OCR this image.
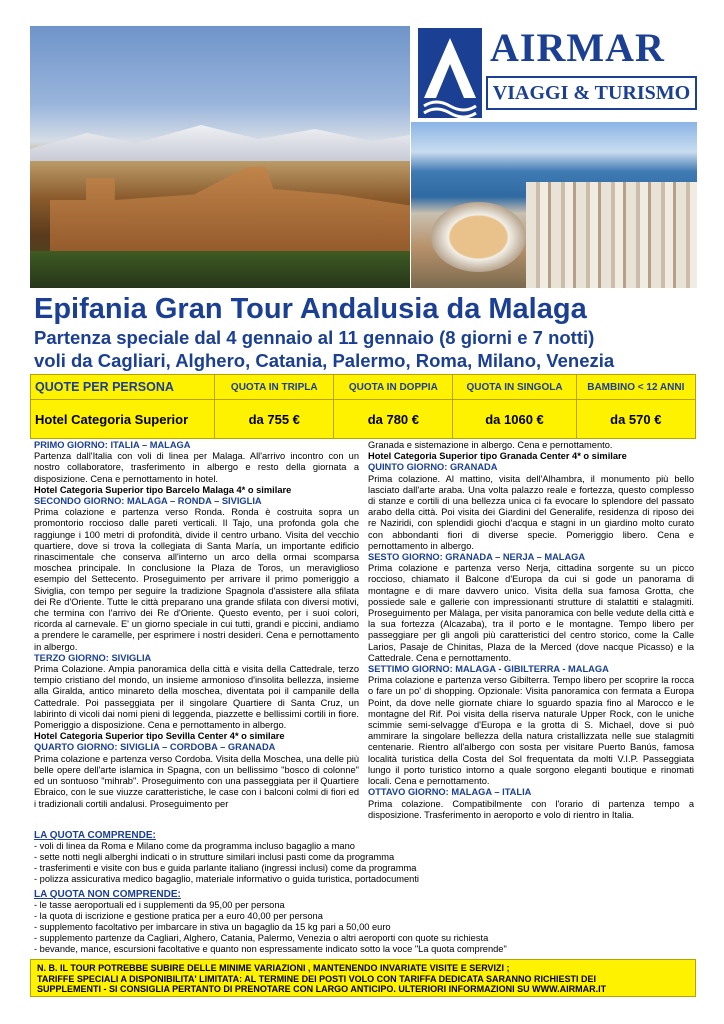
AIRMAR
VIAGGI & TURISMO
Epifania Gran Tour Andalusia da Malaga
Partenza speciale dal 4 gennaio al 11 gennaio (8 giorni e 7 notti)
voli da Cagliari, Alghero, Catania, Palermo, Roma, Milano, Venezia
QUOTE PER PERSONA	QUOTA IN TRIPLA	QUOTA IN DOPPIA	QUOTA IN SINGOLA	BAMBINO < 12 ANNI
Hotel Categoria Superior	da 755 €	da 780 €	da 1060 €	da 570 €

PRIMO GIORNO: ITALIA – MALAGA

Partenza dall'Italia con voli di linea per Malaga. All'arrivo incontro con un nostro collaboratore, trasferimento in albergo e resto della giornata a disposizione. Cena e pernottamento in hotel.

Hotel Categoria Superior tipo Barcelo Malaga 4* o similare

SECONDO GIORNO: MALAGA – RONDA – SIVIGLIA

Prima colazione e partenza verso Ronda. Ronda è costruita sopra un promontorio roccioso dalle pareti verticali. Il Tajo, una profonda gola che raggiunge i 100 metri di profondità, divide il centro urbano. Visita del vecchio quartiere, dove si trova la collegiata di Santa María, un importante edificio rinascimentale che conserva all'interno un arco della ormai scomparsa moschea principale. In conclusione la Plaza de Toros, un meraviglioso esempio del Settecento. Proseguimento per arrivare il primo pomeriggio a Siviglia, con tempo per seguire la tradizione Spagnola d'assistere alla sfilata dei Re d'Oriente. Tutte le città preparano una grande sfilata con diversi motivi, che termina con l'arrivo dei Re d'Oriente. Questo evento, per i suoi colori, ricorda al carnevale. E' un giorno speciale in cui tutti, grandi e piccini, andiamo a prendere le caramelle, per esprimere i nostri desideri. Cena e pernottamento in albergo.

TERZO GIORNO: SIVIGLIA

Prima Colazione. Ampia panoramica della città e visita della Cattedrale, terzo tempio cristiano del mondo, un insieme armonioso d'insolita bellezza, insieme alla Giralda, antico minareto della moschea, diventata poi il campanile della Cattedrale. Poi passeggiata per il singolare Quartiere di Santa Cruz, un labirinto di vicoli dai nomi pieni di leggenda, piazzette e bellissimi cortili in fiore. Pomeriggio a disposizione. Cena e pernottamento in albergo.

Hotel Categoria Superior tipo Sevilla Center 4* o similare

QUARTO GIORNO: SIVIGLIA – CORDOBA – GRANADA

Prima colazione e partenza verso Cordoba. Visita della Moschea, una delle più belle opere dell'arte islamica in Spagna, con un bellissimo "bosco di colonne" ed un sontuoso "mihrab". Proseguimento con una passeggiata per il Quartiere Ebraico, con le sue viuzze caratteristiche, le case con i balconi colmi di fiori ed i tradizionali cortili andalusi. Proseguimento per

Granada e sistemazione in albergo. Cena e pernottamento.

Hotel Categoria Superior tipo Granada Center 4* o similare

QUINTO GIORNO: GRANADA

Prima colazione. Al mattino, visita dell'Alhambra, il monumento più bello lasciato dall'arte araba. Una volta palazzo reale e fortezza, questo complesso di stanze e cortili di una bellezza unica ci fa evocare lo splendore del passato arabo della città. Poi visita dei Giardini del Generalife, residenza di riposo dei re Naziridi, con splendidi giochi d'acqua e stagni in un giardino molto curato con abbondanti fiori di diverse specie. Pomeriggio libero. Cena e pernottamento in albergo.

SESTO GIORNO: GRANADA – NERJA – MALAGA

Prima colazione e partenza verso Nerja, cittadina sorgente su un picco roccioso, chiamato il Balcone d'Europa da cui si gode un panorama di montagne e di mare davvero unico. Visita della sua famosa Grotta, che possiede sale e gallerie con impressionanti strutture di stalattiti e stalagmiti. Proseguimento per Màlaga, per visita panoramica con belle vedute della città e la sua fortezza (Alcazaba), tra il porto e le montagne. Tempo libero per passeggiare per gli angoli più caratteristici del centro storico, come la Calle Larios, Pasaje de Chinitas, Plaza de la Merced (dove nacque Picasso) e la Cattedrale. Cena e pernottamento.

SETTIMO GIORNO: MALAGA - GIBILTERRA - MALAGA

Prima colazione e partenza verso Gibilterra. Tempo libero per scoprire la rocca o fare un po' di shopping. Opzionale: Visita panoramica con fermata a Europa Point, da dove nelle giornate chiare lo sguardo spazia fino al Marocco e le montagne del Rif. Poi visita della riserva naturale Upper Rock, con le uniche scimmie semi-selvagge d'Europa e la grotta di S. Michael, dove si può ammirare la singolare bellezza della natura cristallizzata nelle sue stalagmiti centenarie. Rientro all'albergo con sosta per visitare Puerto Banús, famosa località turistica della Costa del Sol frequentata da molti V.I.P. Passeggiata lungo il porto turistico intorno a quale sorgono eleganti boutique e rinomati locali. Cena e pernottamento.

OTTAVO GIORNO: MALAGA – ITALIA

Prima colazione. Compatibilmente con l'orario di partenza tempo a disposizione. Trasferimento in aeroporto e volo di rientro in Italia.

LA QUOTA COMPRENDE:
- voli di linea da Roma e Milano come da programma incluso bagaglio a mano
- sette notti negli alberghi indicati o in strutture similari inclusi pasti come da programma
- trasferimenti e visite con bus e guida parlante italiano (ingressi inclusi) come da programma
- polizza assicurativa medico bagaglio, materiale informativo o guida turistica, portadocumenti
LA QUOTA NON COMPRENDE:
- le tasse aeroportuali ed i supplementi da 95,00 per persona
- la quota di iscrizione e gestione pratica per a euro 40,00 per persona
- supplemento facoltativo per imbarcare in stiva un bagaglio da 15 kg pari a 50,00 euro
- supplemento partenze da Cagliari, Alghero, Catania, Palermo, Venezia o altri aeroporti con quote su richiesta
- bevande, mance, escursioni facoltative e quanto non espressamente indicato sotto la voce "La quota comprende"
N. B. IL TOUR POTREBBE SUBIRE DELLE MINIME VARIAZIONI , MANTENENDO INVARIATE VISITE E SERVIZI ;
TARIFFE SPECIALI A DISPONIBILITA' LIMITATA: AL TERMINE DEI POSTI VOLO CON TARIFFA DEDICATA SARANNO RICHIESTI DEI
SUPPLEMENTI - SI CONSIGLIA PERTANTO DI PRENOTARE CON LARGO ANTICIPO. ULTERIORI INFORMAZIONI SU WWW.AIRMAR.IT
